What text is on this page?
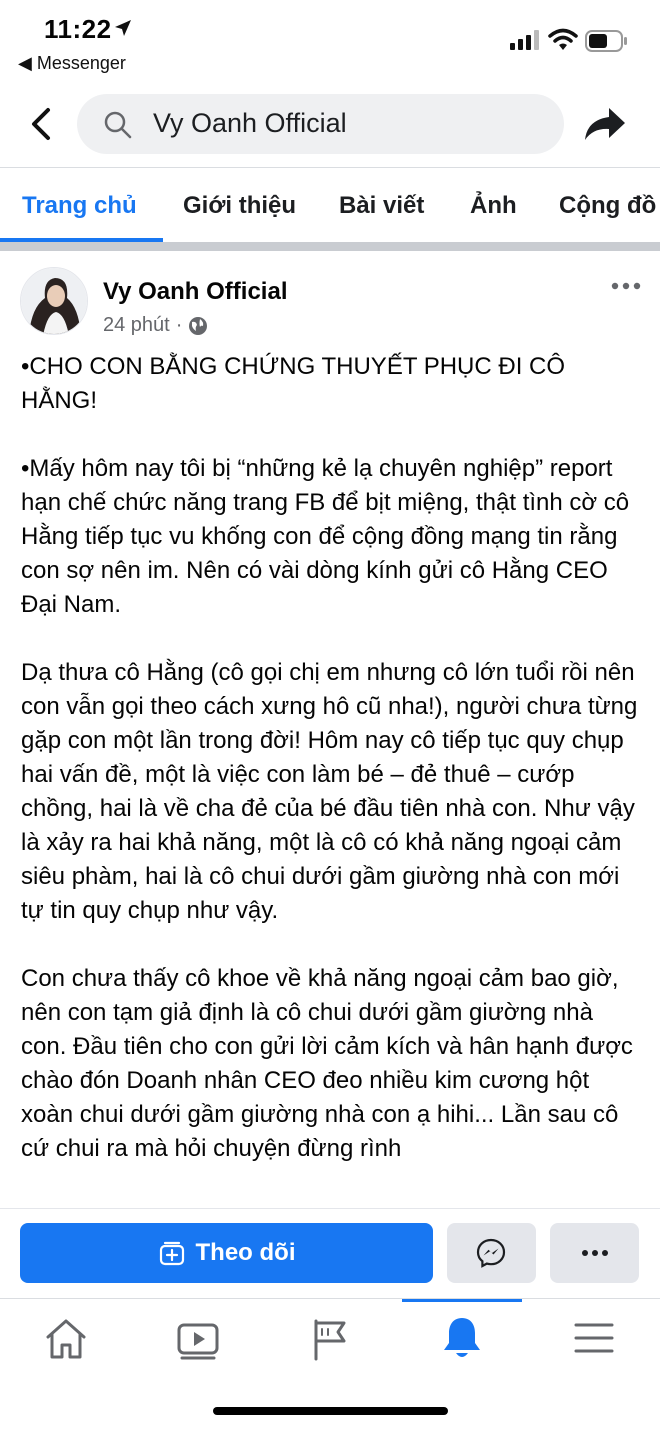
11:22
◀ Messenger
Vy Oanh Official
Trang chủ Giới thiệu Bài viết Ảnh Cộng đồ
Vy Oanh Official
24 phút ·

•CHO CON BẰNG CHỨNG THUYẾT PHỤC ĐI CÔ HẰNG!

•Mấy hôm nay tôi bị “những kẻ lạ chuyên nghiệp” report hạn chế chức năng trang FB để bịt miệng, thật tình cờ cô Hằng tiếp tục vu khống con để cộng đồng mạng tin rằng con sợ nên im. Nên có vài dòng kính gửi cô Hằng CEO Đại Nam.

Dạ thưa cô Hằng (cô gọi chị em nhưng cô lớn tuổi rồi nên con vẫn gọi theo cách xưng hô cũ nha!), người chưa từng gặp con một lần trong đời! Hôm nay cô tiếp tục quy chụp hai vấn đề, một là việc con làm bé – đẻ thuê – cướp chồng, hai là về cha đẻ của bé đầu tiên nhà con. Như vậy là xảy ra hai khả năng, một là cô có khả năng ngoại cảm siêu phàm, hai là cô chui dưới gầm giường nhà con mới tự tin quy chụp như vậy.

Con chưa thấy cô khoe về khả năng ngoại cảm bao giờ, nên con tạm giả định là cô chui dưới gầm giường nhà con. Đầu tiên cho con gửi lời cảm kích và hân hạnh được chào đón Doanh nhân CEO đeo nhiều kim cương hột xoàn chui dưới gầm giường nhà con ạ hihi... Lần sau cô cứ chui ra mà hỏi chuyện đừng rình

Theo dõi
